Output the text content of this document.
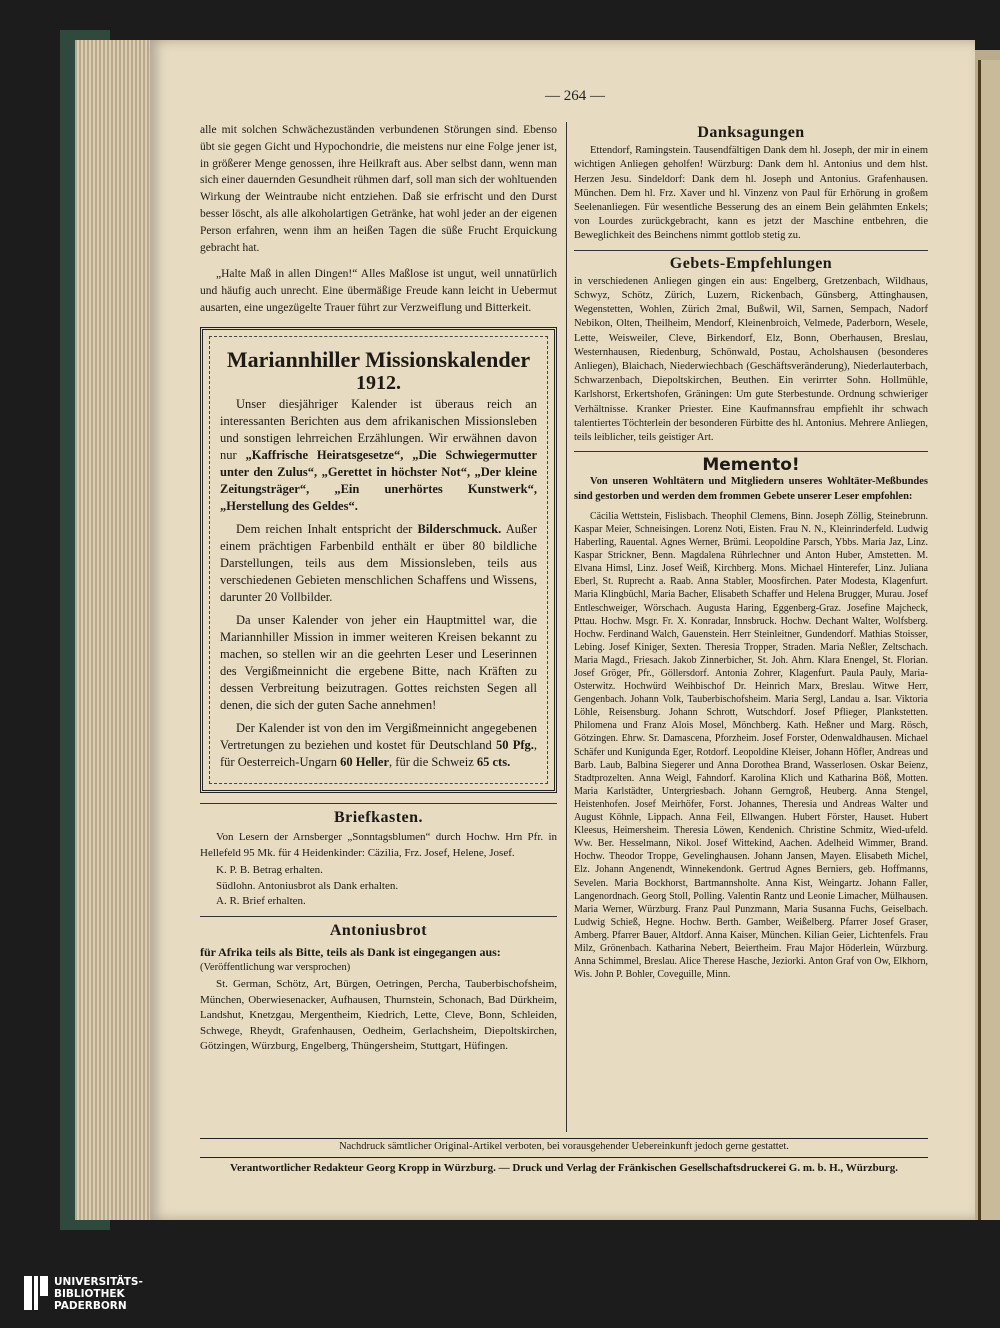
— 264 —

alle mit solchen Schwächezuständen verbundenen Störungen sind. Ebenso übt sie gegen Gicht und Hypochondrie, die meistens nur eine Folge jener ist, in größerer Menge genossen, ihre Heilkraft aus. Aber selbst dann, wenn man sich einer dauernden Gesundheit rühmen darf, soll man sich der wohltuenden Wirkung der Weintraube nicht entziehen. Daß sie erfrischt und den Durst besser löscht, als alle alkoholartigen Getränke, hat wohl jeder an der eigenen Person erfahren, wenn ihm an heißen Tagen die süße Frucht Erquickung gebracht hat.

„Halte Maß in allen Dingen!“ Alles Maßlose ist ungut, weil unnatürlich und häufig auch unrecht. Eine übermäßige Freude kann leicht in Uebermut ausarten, eine ungezügelte Trauer führt zur Verzweiflung und Bitterkeit.

Mariannhiller Missionskalender
1912.

Unser diesjähriger Kalender ist überaus reich an interessanten Berichten aus dem afrikanischen Missionsleben und sonstigen lehrreichen Erzählungen. Wir erwähnen davon nur „Kaffrische Heiratsgesetze“, „Die Schwiegermutter unter den Zulus“, „Gerettet in höchster Not“, „Der kleine Zeitungsträger“, „Ein unerhörtes Kunstwerk“, „Herstellung des Geldes“.

Dem reichen Inhalt entspricht der Bilderschmuck. Außer einem prächtigen Farbenbild enthält er über 80 bildliche Darstellungen, teils aus dem Missionsleben, teils aus verschiedenen Gebieten menschlichen Schaffens und Wissens, darunter 20 Vollbilder.

Da unser Kalender von jeher ein Hauptmittel war, die Mariannhiller Mission in immer weiteren Kreisen bekannt zu machen, so stellen wir an die geehrten Leser und Leserinnen des Vergißmeinnicht die ergebene Bitte, nach Kräften zu dessen Verbreitung beizutragen. Gottes reichsten Segen all denen, die sich der guten Sache annehmen!

Der Kalender ist von den im Vergißmeinnicht angegebenen Vertretungen zu beziehen und kostet für Deutschland 50 Pfg., für Oesterreich-Ungarn 60 Heller, für die Schweiz 65 cts.

Briefkasten.

Von Lesern der Arnsberger „Sonntagsblumen“ durch Hochw. Hrn Pfr. in Hellefeld 95 Mk. für 4 Heidenkinder: Cäzilia, Frz. Josef, Helene, Josef.

K. P. B. Betrag erhalten.
Südlohn. Antoniusbrot als Dank erhalten.
A. R. Brief erhalten.
Antoniusbrot
für Afrika teils als Bitte, teils als Dank ist eingegangen aus:
(Veröffentlichung war versprochen)

St. German, Schötz, Art, Bürgen, Oetringen, Percha, Tauberbischofsheim, München, Oberwiesenacker, Aufhausen, Thurnstein, Schonach, Bad Dürkheim, Landshut, Knetzgau, Mergentheim, Kiedrich, Lette, Cleve, Bonn, Schleiden, Schwege, Rheydt, Grafenhausen, Oedheim, Gerlachsheim, Diepoltskirchen, Götzingen, Würzburg, Engelberg, Thüngersheim, Stuttgart, Hüfingen.

Danksagungen

Ettendorf, Ramingstein. Tausendfältigen Dank dem hl. Joseph, der mir in einem wichtigen Anliegen geholfen! Würzburg: Dank dem hl. Antonius und dem hlst. Herzen Jesu. Sindeldorf: Dank dem hl. Joseph und Antonius. Grafenhausen. München. Dem hl. Frz. Xaver und hl. Vinzenz von Paul für Erhörung in großem Seelenanliegen. Für wesentliche Besserung des an einem Bein gelähmten Enkels; von Lourdes zurückgebracht, kann es jetzt der Maschine entbehren, die Beweglichkeit des Beinchens nimmt gottlob stetig zu.

Gebets-Empfehlungen

in verschiedenen Anliegen gingen ein aus: Engelberg, Gretzenbach, Wildhaus, Schwyz, Schötz, Zürich, Luzern, Rickenbach, Günsberg, Attinghausen, Wegenstetten, Wohlen, Zürich 2mal, Bußwil, Wil, Sarnen, Sempach, Nadorf Nebikon, Olten, Theilheim, Mendorf, Kleinenbroich, Velmede, Paderborn, Wesele, Lette, Weisweiler, Cleve, Birkendorf, Elz, Bonn, Oberhausen, Breslau, Westernhausen, Riedenburg, Schönwald, Postau, Acholshausen (besonderes Anliegen), Blaichach, Niederwiechbach (Geschäftsveränderung), Niederlauterbach, Schwarzenbach, Diepoltskirchen, Beuthen. Ein verirrter Sohn. Hollmühle, Karlshorst, Erkertshofen, Gräningen: Um gute Sterbestunde. Ordnung schwieriger Verhältnisse. Kranker Priester. Eine Kaufmannsfrau empfiehlt ihr schwach talentiertes Töchterlein der besonderen Fürbitte des hl. Antonius. Mehrere Anliegen, teils leiblicher, teils geistiger Art.

Memento!

Von unseren Wohltätern und Mitgliedern unseres Wohltäter-Meßbundes sind gestorben und werden dem frommen Gebete unserer Leser empfohlen:

Cäcilia Wettstein, Fislisbach. Theophil Clemens, Binn. Joseph Zöllig, Steinebrunn. Kaspar Meier, Schneisingen. Lorenz Noti, Eisten. Frau N. N., Kleinrinderfeld. Ludwig Haberling, Rauental. Agnes Werner, Brümi. Leopoldine Parsch, Ybbs. Maria Jaz, Linz. Kaspar Strickner, Benn. Magdalena Rührlechner und Anton Huber, Amstetten. M. Elvana Himsl, Linz. Josef Weiß, Kirchberg. Mons. Michael Hinterefer, Linz. Juliana Eberl, St. Ruprecht a. Raab. Anna Stabler, Moosfirchen. Pater Modesta, Klagenfurt. Maria Klingbüchl, Maria Bacher, Elisabeth Schaffer und Helena Brugger, Murau. Josef Entleschweiger, Wörschach. Augusta Haring, Eggenberg-Graz. Josefine Majcheck, Pttau. Hochw. Msgr. Fr. X. Konradar, Innsbruck. Hochw. Dechant Walter, Wolfsberg. Hochw. Ferdinand Walch, Gauenstein. Herr Steinleitner, Gundendorf. Mathias Stoisser, Lebing. Josef Kiniger, Sexten. Theresia Tropper, Straden. Maria Neßler, Zeltschach. Maria Magd., Friesach. Jakob Zinnerbicher, St. Joh. Ahrn. Klara Enengel, St. Florian. Josef Gröger, Pfr., Göllersdorf. Antonia Zohrer, Klagenfurt. Paula Pauly, Maria-Osterwitz. Hochwürd Weihbischof Dr. Heinrich Marx, Breslau. Witwe Herr, Gengenbach. Johann Volk, Tauberbischofsheim. Maria Sergl, Landau a. Isar. Viktoria Löhle, Reisensburg. Johann Schrott, Wutschdorf. Josef Pflieger, Plankstetten. Philomena und Franz Alois Mosel, Mönchberg. Kath. Heßner und Marg. Rösch, Götzingen. Ehrw. Sr. Damascena, Pforzheim. Josef Forster, Odenwaldhausen. Michael Schäfer und Kunigunda Eger, Rotdorf. Leopoldine Kleiser, Johann Höfler, Andreas und Barb. Laub, Balbina Siegerer und Anna Dorothea Brand, Wasserlosen. Oskar Beienz, Stadtprozelten. Anna Weigl, Fahndorf. Karolina Klich und Katharina Böß, Motten. Maria Karlstädter, Untergriesbach. Johann Gerngroß, Heuberg. Anna Stengel, Heistenhofen. Josef Meirhöfer, Forst. Johannes, Theresia und Andreas Walter und August Köhnle, Lippach. Anna Feil, Ellwangen. Hubert Förster, Hauset. Hubert Kleesus, Heimersheim. Theresia Löwen, Kendenich. Christine Schmitz, Wied-ufeld. Ww. Ber. Hesselmann, Nikol. Josef Wittekind, Aachen. Adelheid Wimmer, Brand. Hochw. Theodor Troppe, Gevelinghausen. Johann Jansen, Mayen. Elisabeth Michel, Elz. Johann Angenendt, Winnekendonk. Gertrud Agnes Berniers, geb. Hoffmanns, Sevelen. Maria Bockhorst, Bartmannsholte. Anna Kist, Weingartz. Johann Faller, Langenordnach. Georg Stoll, Polling. Valentin Rantz und Leonie Limacher, Mülhausen. Maria Werner, Würzburg. Franz Paul Punzmann, Maria Susanna Fuchs, Geiselbach. Ludwig Schieß, Hegne. Hochw. Berth. Gamber, Weißelberg. Pfarrer Josef Graser, Amberg. Pfarrer Bauer, Altdorf. Anna Kaiser, München. Kilian Geier, Lichtenfels. Frau Milz, Grönenbach. Katharina Nebert, Beiertheim. Frau Major Höderlein, Würzburg. Anna Schimmel, Breslau. Alice Therese Hasche, Jeziorki. Anton Graf von Ow, Elkhorn, Wis. John P. Bohler, Coveguille, Minn.

Nachdruck sämtlicher Original-Artikel verboten, bei vorausgehender Uebereinkunft jedoch gerne gestattet.
Verantwortlicher Redakteur Georg Kropp in Würzburg. — Druck und Verlag der Fränkischen Gesellschaftsdruckerei G. m. b. H., Würzburg.
UNIVERSITÄTS-
BIBLIOTHEK
PADERBORN
